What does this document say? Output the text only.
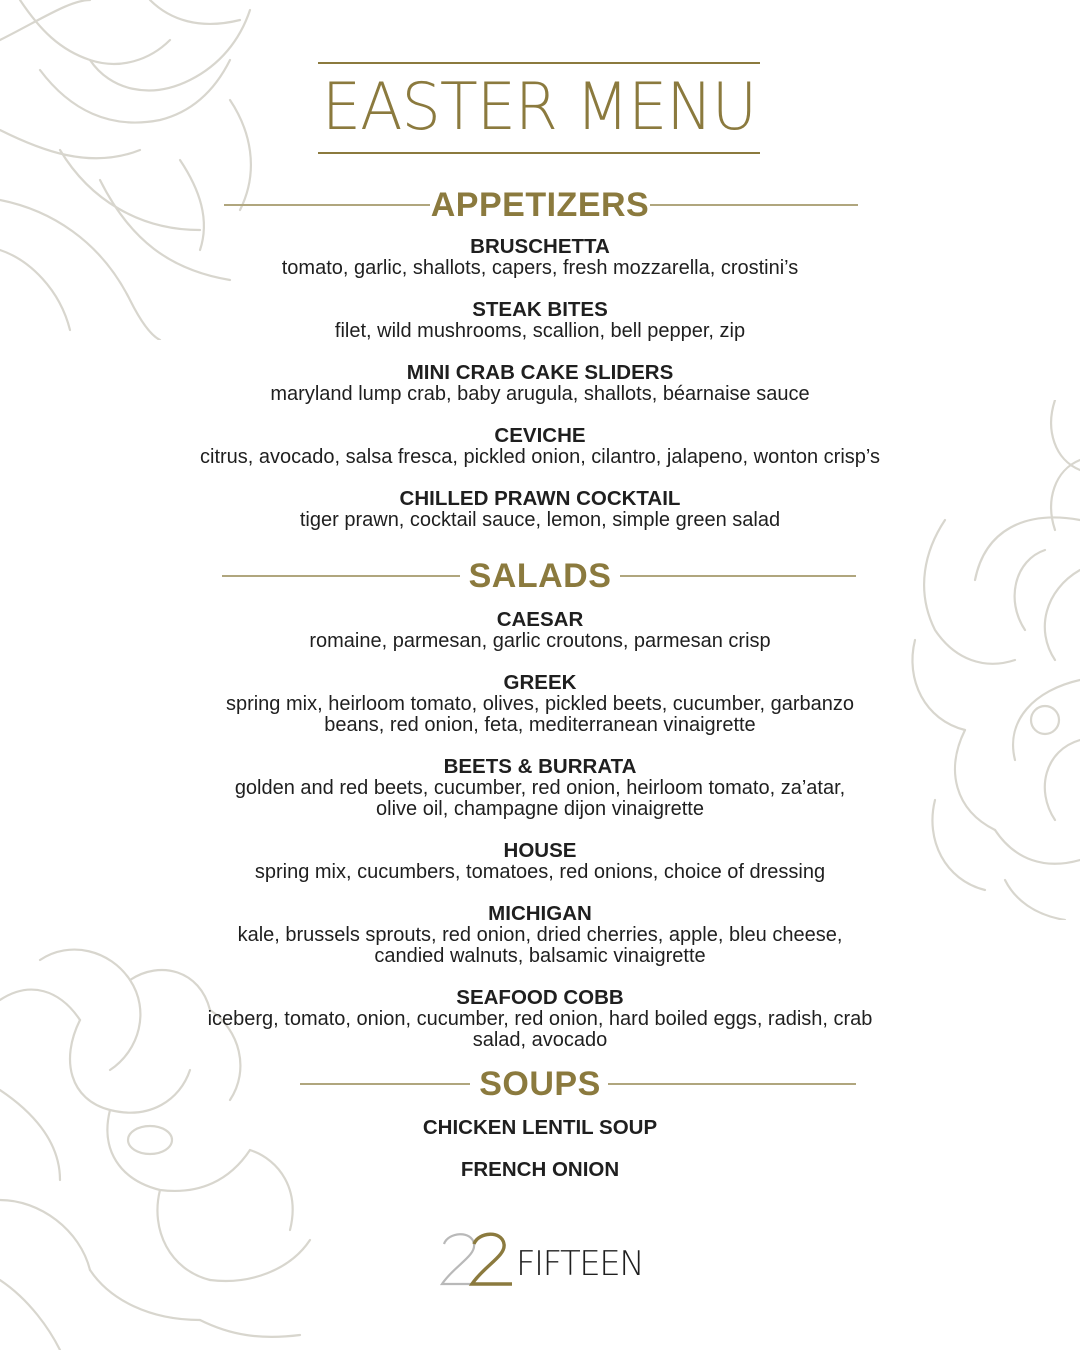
EASTER MENU
APPETIZERS
BRUSCHETTA
tomato, garlic, shallots, capers, fresh mozzarella, crostini’s
STEAK BITES
filet, wild mushrooms, scallion, bell pepper, zip
MINI CRAB CAKE SLIDERS
maryland lump crab, baby arugula, shallots, béarnaise sauce
CEVICHE
citrus, avocado, salsa fresca, pickled onion, cilantro, jalapeno, wonton crisp’s
CHILLED PRAWN COCKTAIL
tiger prawn, cocktail sauce, lemon, simple green salad
SALADS
CAESAR
romaine, parmesan, garlic croutons, parmesan crisp
GREEK
spring mix, heirloom tomato, olives, pickled beets, cucumber, garbanzo
beans, red onion, feta, mediterranean vinaigrette
BEETS & BURRATA
golden and red beets, cucumber, red onion, heirloom tomato, za’atar,
olive oil, champagne dijon vinaigrette
HOUSE
spring mix, cucumbers, tomatoes, red onions, choice of dressing
MICHIGAN
kale, brussels sprouts, red onion, dried cherries, apple, bleu cheese,
candied walnuts, balsamic vinaigrette
SEAFOOD COBB
iceberg, tomato, onion, cucumber, red onion, hard boiled eggs, radish, crab
salad, avocado
SOUPS
CHICKEN LENTIL SOUP
FRENCH ONION
FIFTEEN
